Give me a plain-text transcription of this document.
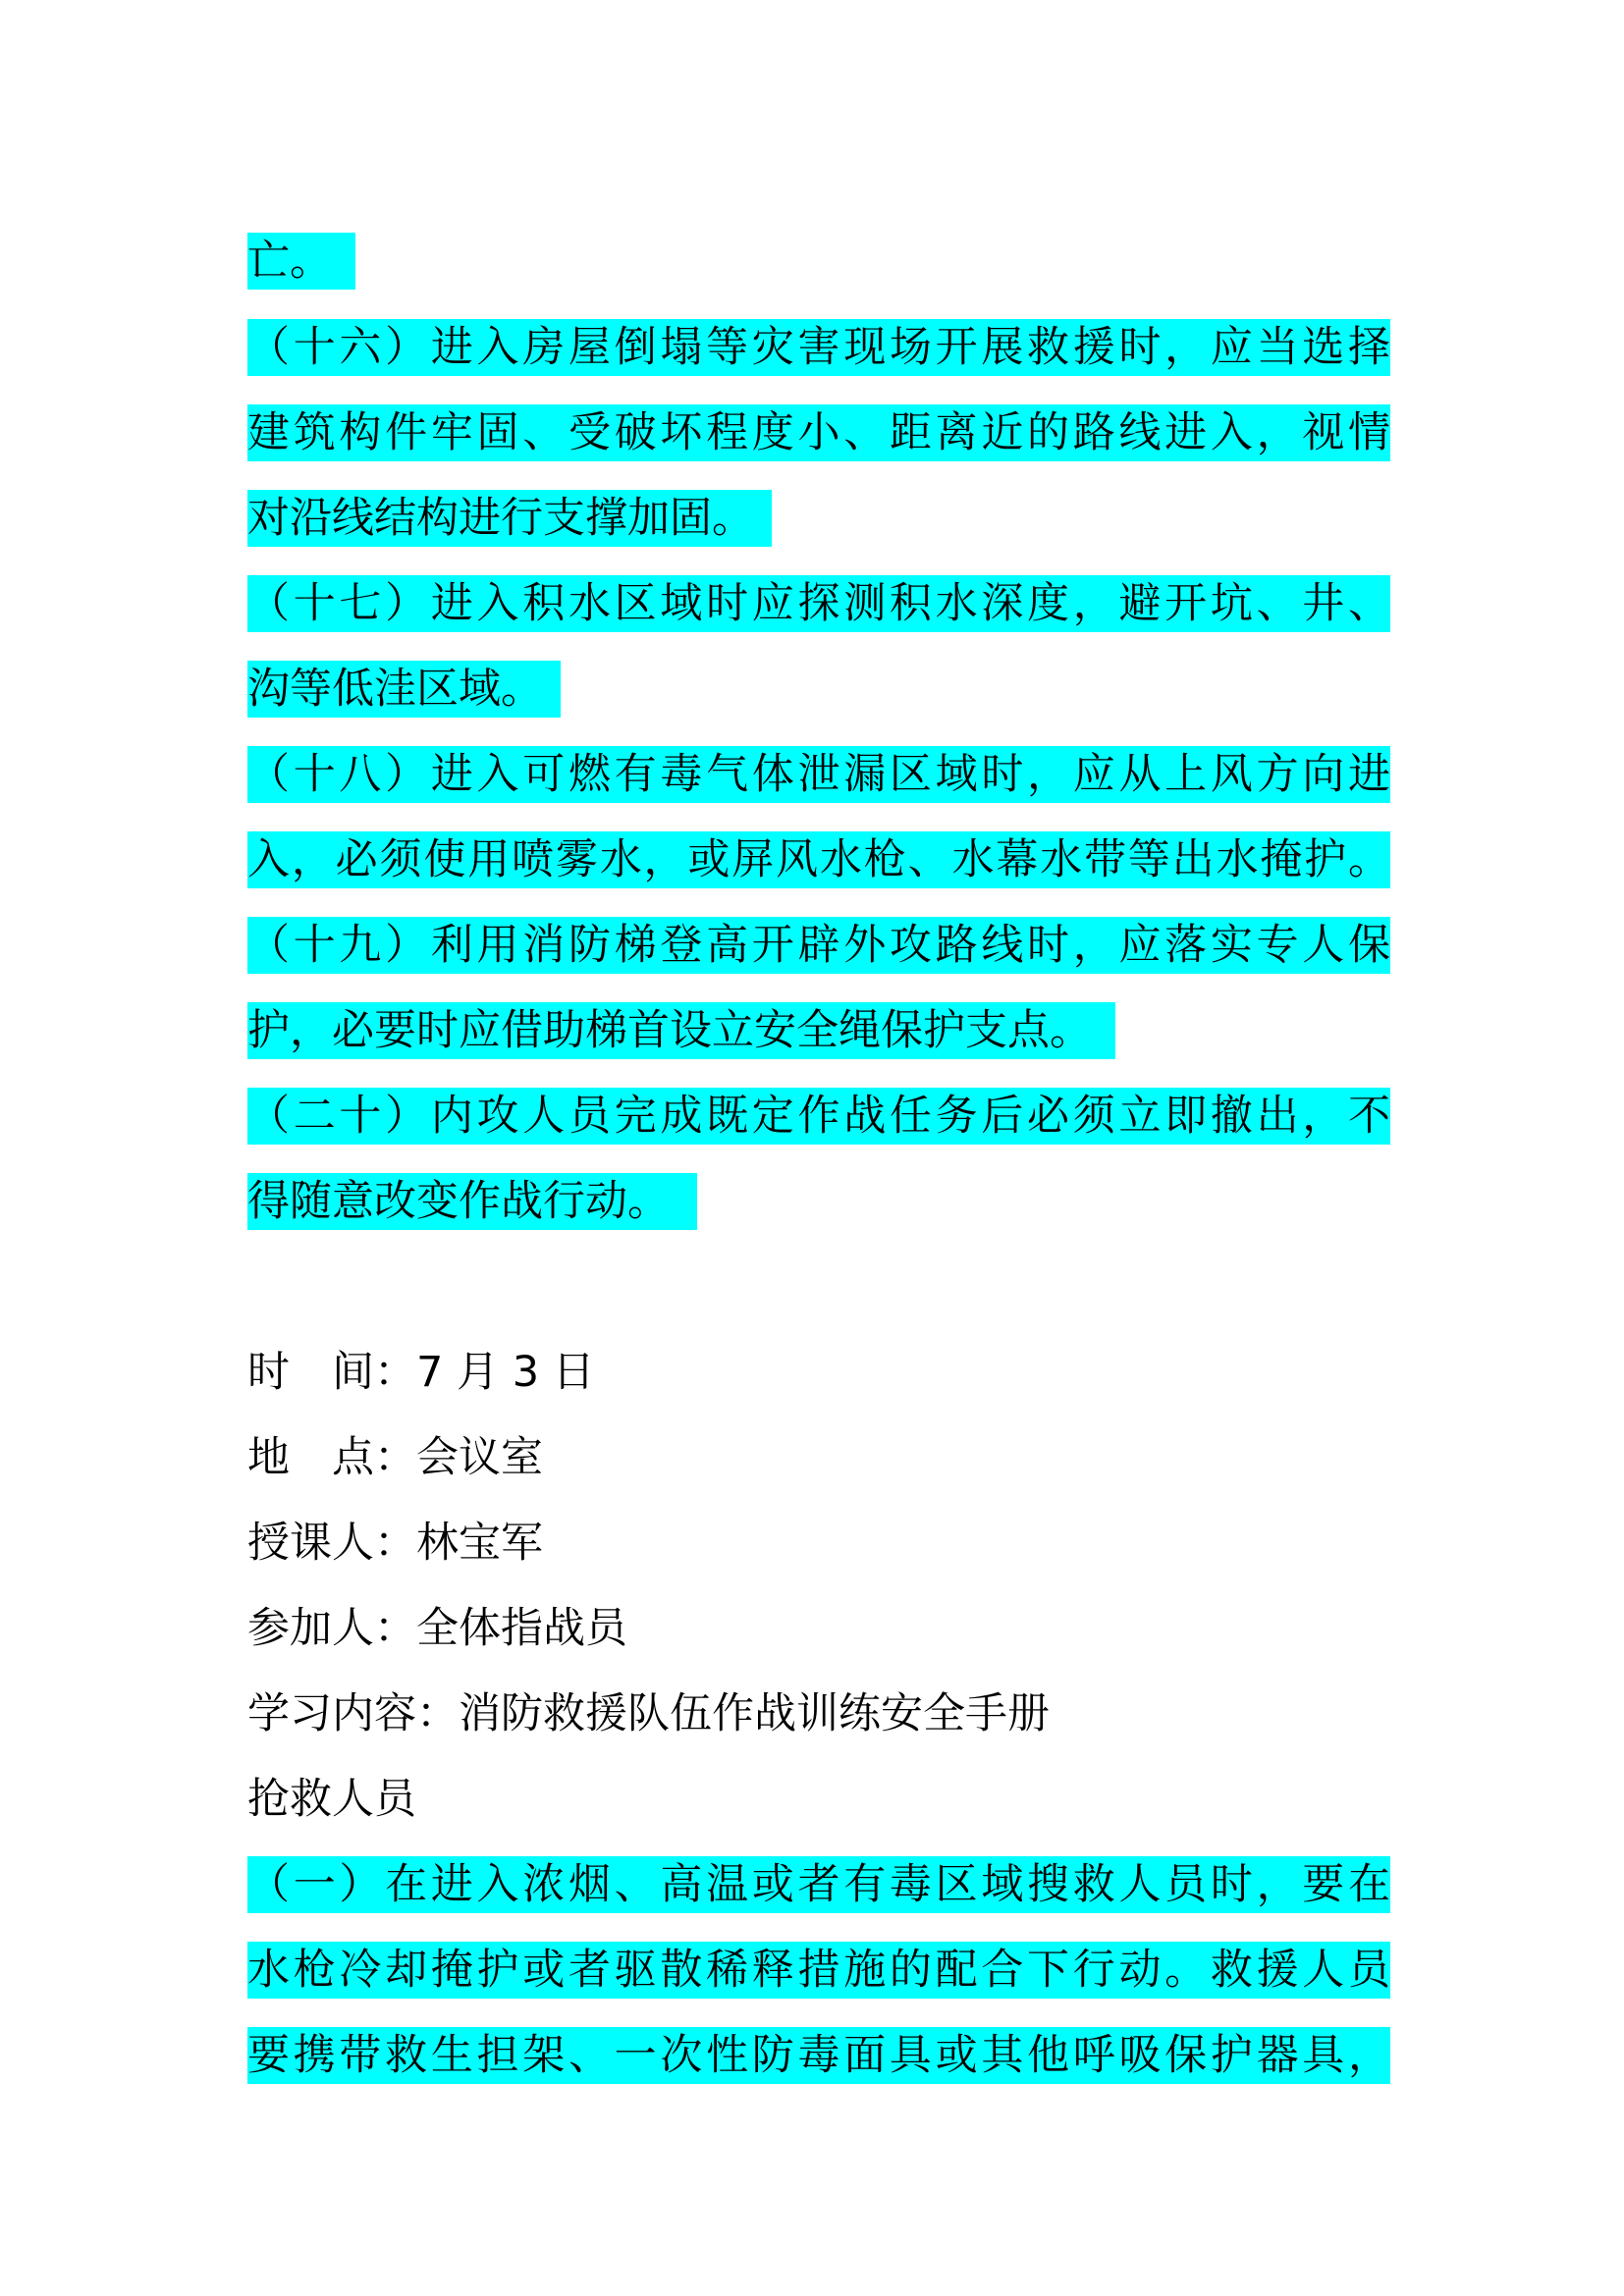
亡。
（十六）进入房屋倒塌等灾害现场开展救援时，应当选择
建筑构件牢固、受破坏程度小、距离近的路线进入，视情
对沿线结构进行支撑加固。
（十七）进入积水区域时应探测积水深度，避开坑、井、
沟等低洼区域。
（十八）进入可燃有毒气体泄漏区域时，应从上风方向进
入，必须使用喷雾水，或屏风水枪、水幕水带等出水掩护。
（十九）利用消防梯登高开辟外攻路线时，应落实专人保
护，必要时应借助梯首设立安全绳保护支点。
（二十）内攻人员完成既定作战任务后必须立即撤出，不
得随意改变作战行动。
时　间：7 月 3 日
地　点：会议室
授课人：林宝军
参加人：全体指战员
学习内容：消防救援队伍作战训练安全手册
抢救人员
（一）在进入浓烟、高温或者有毒区域搜救人员时，要在
水枪冷却掩护或者驱散稀释措施的配合下行动。救援人员
要携带救生担架、一次性防毒面具或其他呼吸保护器具，
